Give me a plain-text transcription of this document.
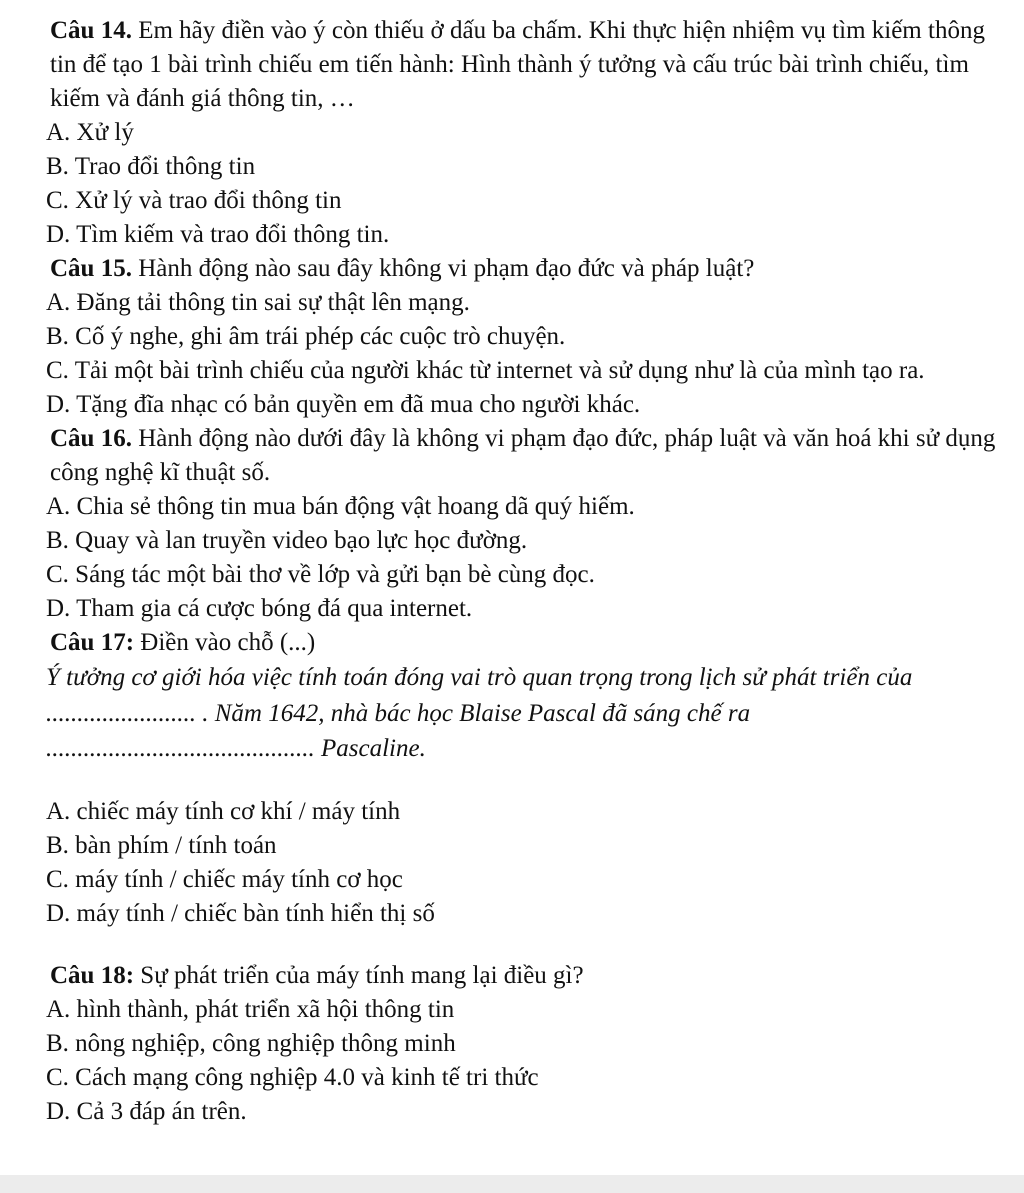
Câu 14. Em hãy điền vào ý còn thiếu ở dấu ba chấm. Khi thực hiện nhiệm vụ tìm kiếm thông tin để tạo 1 bài trình chiếu em tiến hành: Hình thành ý tưởng và cấu trúc bài trình chiếu, tìm kiếm và đánh giá thông tin, …
A. Xử lý
B. Trao đổi thông tin
C. Xử lý và trao đổi thông tin
D. Tìm kiếm và trao đổi thông tin.
Câu 15. Hành động nào sau đây không vi phạm đạo đức và pháp luật?
A. Đăng tải thông tin sai sự thật lên mạng.
B. Cố ý nghe, ghi âm trái phép các cuộc trò chuyện.
C. Tải một bài trình chiếu của người khác từ internet và sử dụng như là của mình tạo ra.
D. Tặng đĩa nhạc có bản quyền em đã mua cho người khác.
Câu 16. Hành động nào dưới đây là không vi phạm đạo đức, pháp luật và văn hoá khi sử dụng công nghệ kĩ thuật số.
A. Chia sẻ thông tin mua bán động vật hoang dã quý hiếm.
B. Quay và lan truyền video bạo lực học đường.
C. Sáng tác một bài thơ về lớp và gửi bạn bè cùng đọc.
D. Tham gia cá cược bóng đá qua internet.
Câu 17: Điền vào chỗ (...)
Ý tưởng cơ giới hóa việc tính toán đóng vai trò quan trọng trong lịch sử phát triển của ........................ . Năm 1642, nhà bác học Blaise Pascal đã sáng chế ra ........................................... Pascaline.
A. chiếc máy tính cơ khí / máy tính
B. bàn phím / tính toán
C. máy tính / chiếc máy tính cơ học
D. máy tính / chiếc bàn tính hiển thị số
Câu 18: Sự phát triển của máy tính mang lại điều gì?
A. hình thành, phát triển xã hội thông tin
B. nông nghiệp, công nghiệp thông minh
C. Cách mạng công nghiệp 4.0 và kinh tế tri thức
D. Cả 3 đáp án trên.
